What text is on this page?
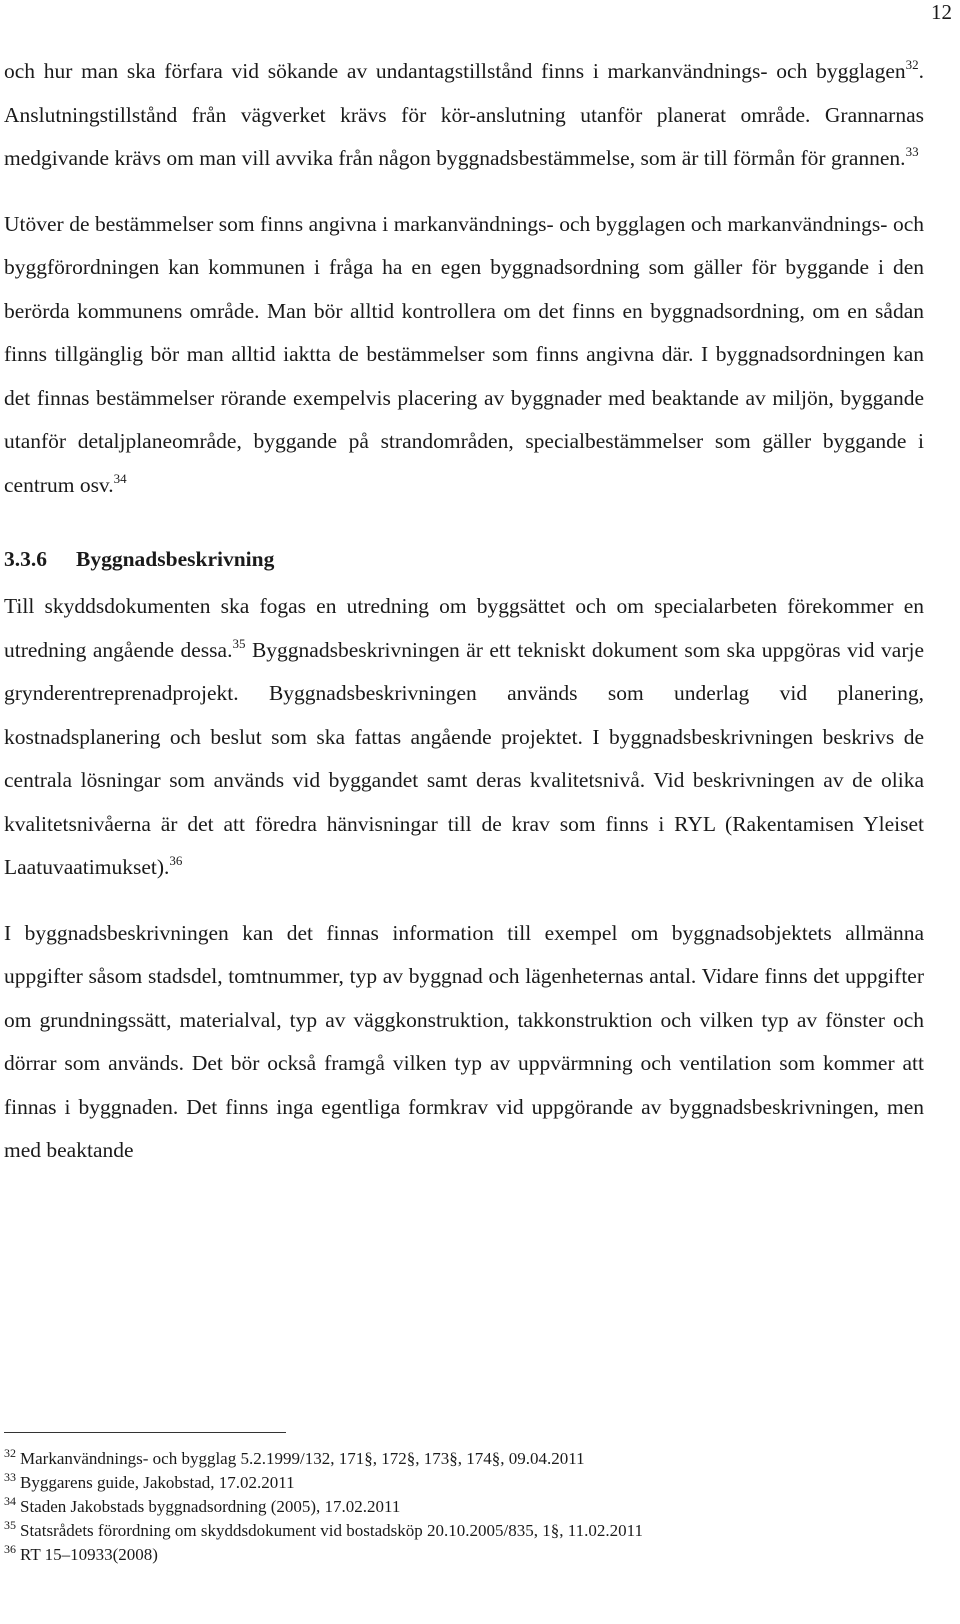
12

och hur man ska förfara vid sökande av undantagstillstånd finns i markanvändnings- och bygglagen$^{32}$. Anslutningstillstånd från vägverket krävs för kör-anslutning utanför planerat område. Grannarnas medgivande krävs om man vill avvika från någon byggnadsbestämmelse, som är till förmån för grannen.$^{33}$

Utöver de bestämmelser som finns angivna i markanvändnings- och bygglagen och markanvändnings- och byggförordningen kan kommunen i fråga ha en egen byggnadsordning som gäller för byggande i den berörda kommunens område. Man bör alltid kontrollera om det finns en byggnadsordning, om en sådan finns tillgänglig bör man alltid iaktta de bestämmelser som finns angivna där. I byggnadsordningen kan det finnas bestämmelser rörande exempelvis placering av byggnader med beaktande av miljön, byggande utanför detaljplaneområde, byggande på strandområden, specialbestämmelser som gäller byggande i centrum osv.$^{34}$

3.3.6 Byggnadsbeskrivning

Till skyddsdokumenten ska fogas en utredning om byggsättet och om specialarbeten förekommer en utredning angående dessa.$^{35}$ Byggnadsbeskrivningen är ett tekniskt dokument som ska uppgöras vid varje grynderentreprenadprojekt. Byggnadsbeskrivningen används som underlag vid planering, kostnadsplanering och beslut som ska fattas angående projektet. I byggnadsbeskrivningen beskrivs de centrala lösningar som används vid byggandet samt deras kvalitetsnivå. Vid beskrivningen av de olika kvalitetsnivåerna är det att föredra hänvisningar till de krav som finns i RYL (Rakentamisen Yleiset Laatuvaatimukset).$^{36}$

I byggnadsbeskrivningen kan det finnas information till exempel om byggnadsobjektets allmänna uppgifter såsom stadsdel, tomtnummer, typ av byggnad och lägenheternas antal. Vidare finns det uppgifter om grundningssätt, materialval, typ av väggkonstruktion, takkonstruktion och vilken typ av fönster och dörrar som används. Det bör också framgå vilken typ av uppvärmning och ventilation som kommer att finnas i byggnaden. Det finns inga egentliga formkrav vid uppgörande av byggnadsbeskrivningen, men med beaktande

$^{32}$ Markanvändnings- och bygglag 5.2.1999/132, 171§, 172§, 173§, 174§, 09.04.2011
$^{33}$ Byggarens guide, Jakobstad, 17.02.2011
$^{34}$ Staden Jakobstads byggnadsordning (2005), 17.02.2011
$^{35}$ Statsrådets förordning om skyddsdokument vid bostadsköp 20.10.2005/835, 1§, 11.02.2011
$^{36}$ RT 15–10933(2008)
